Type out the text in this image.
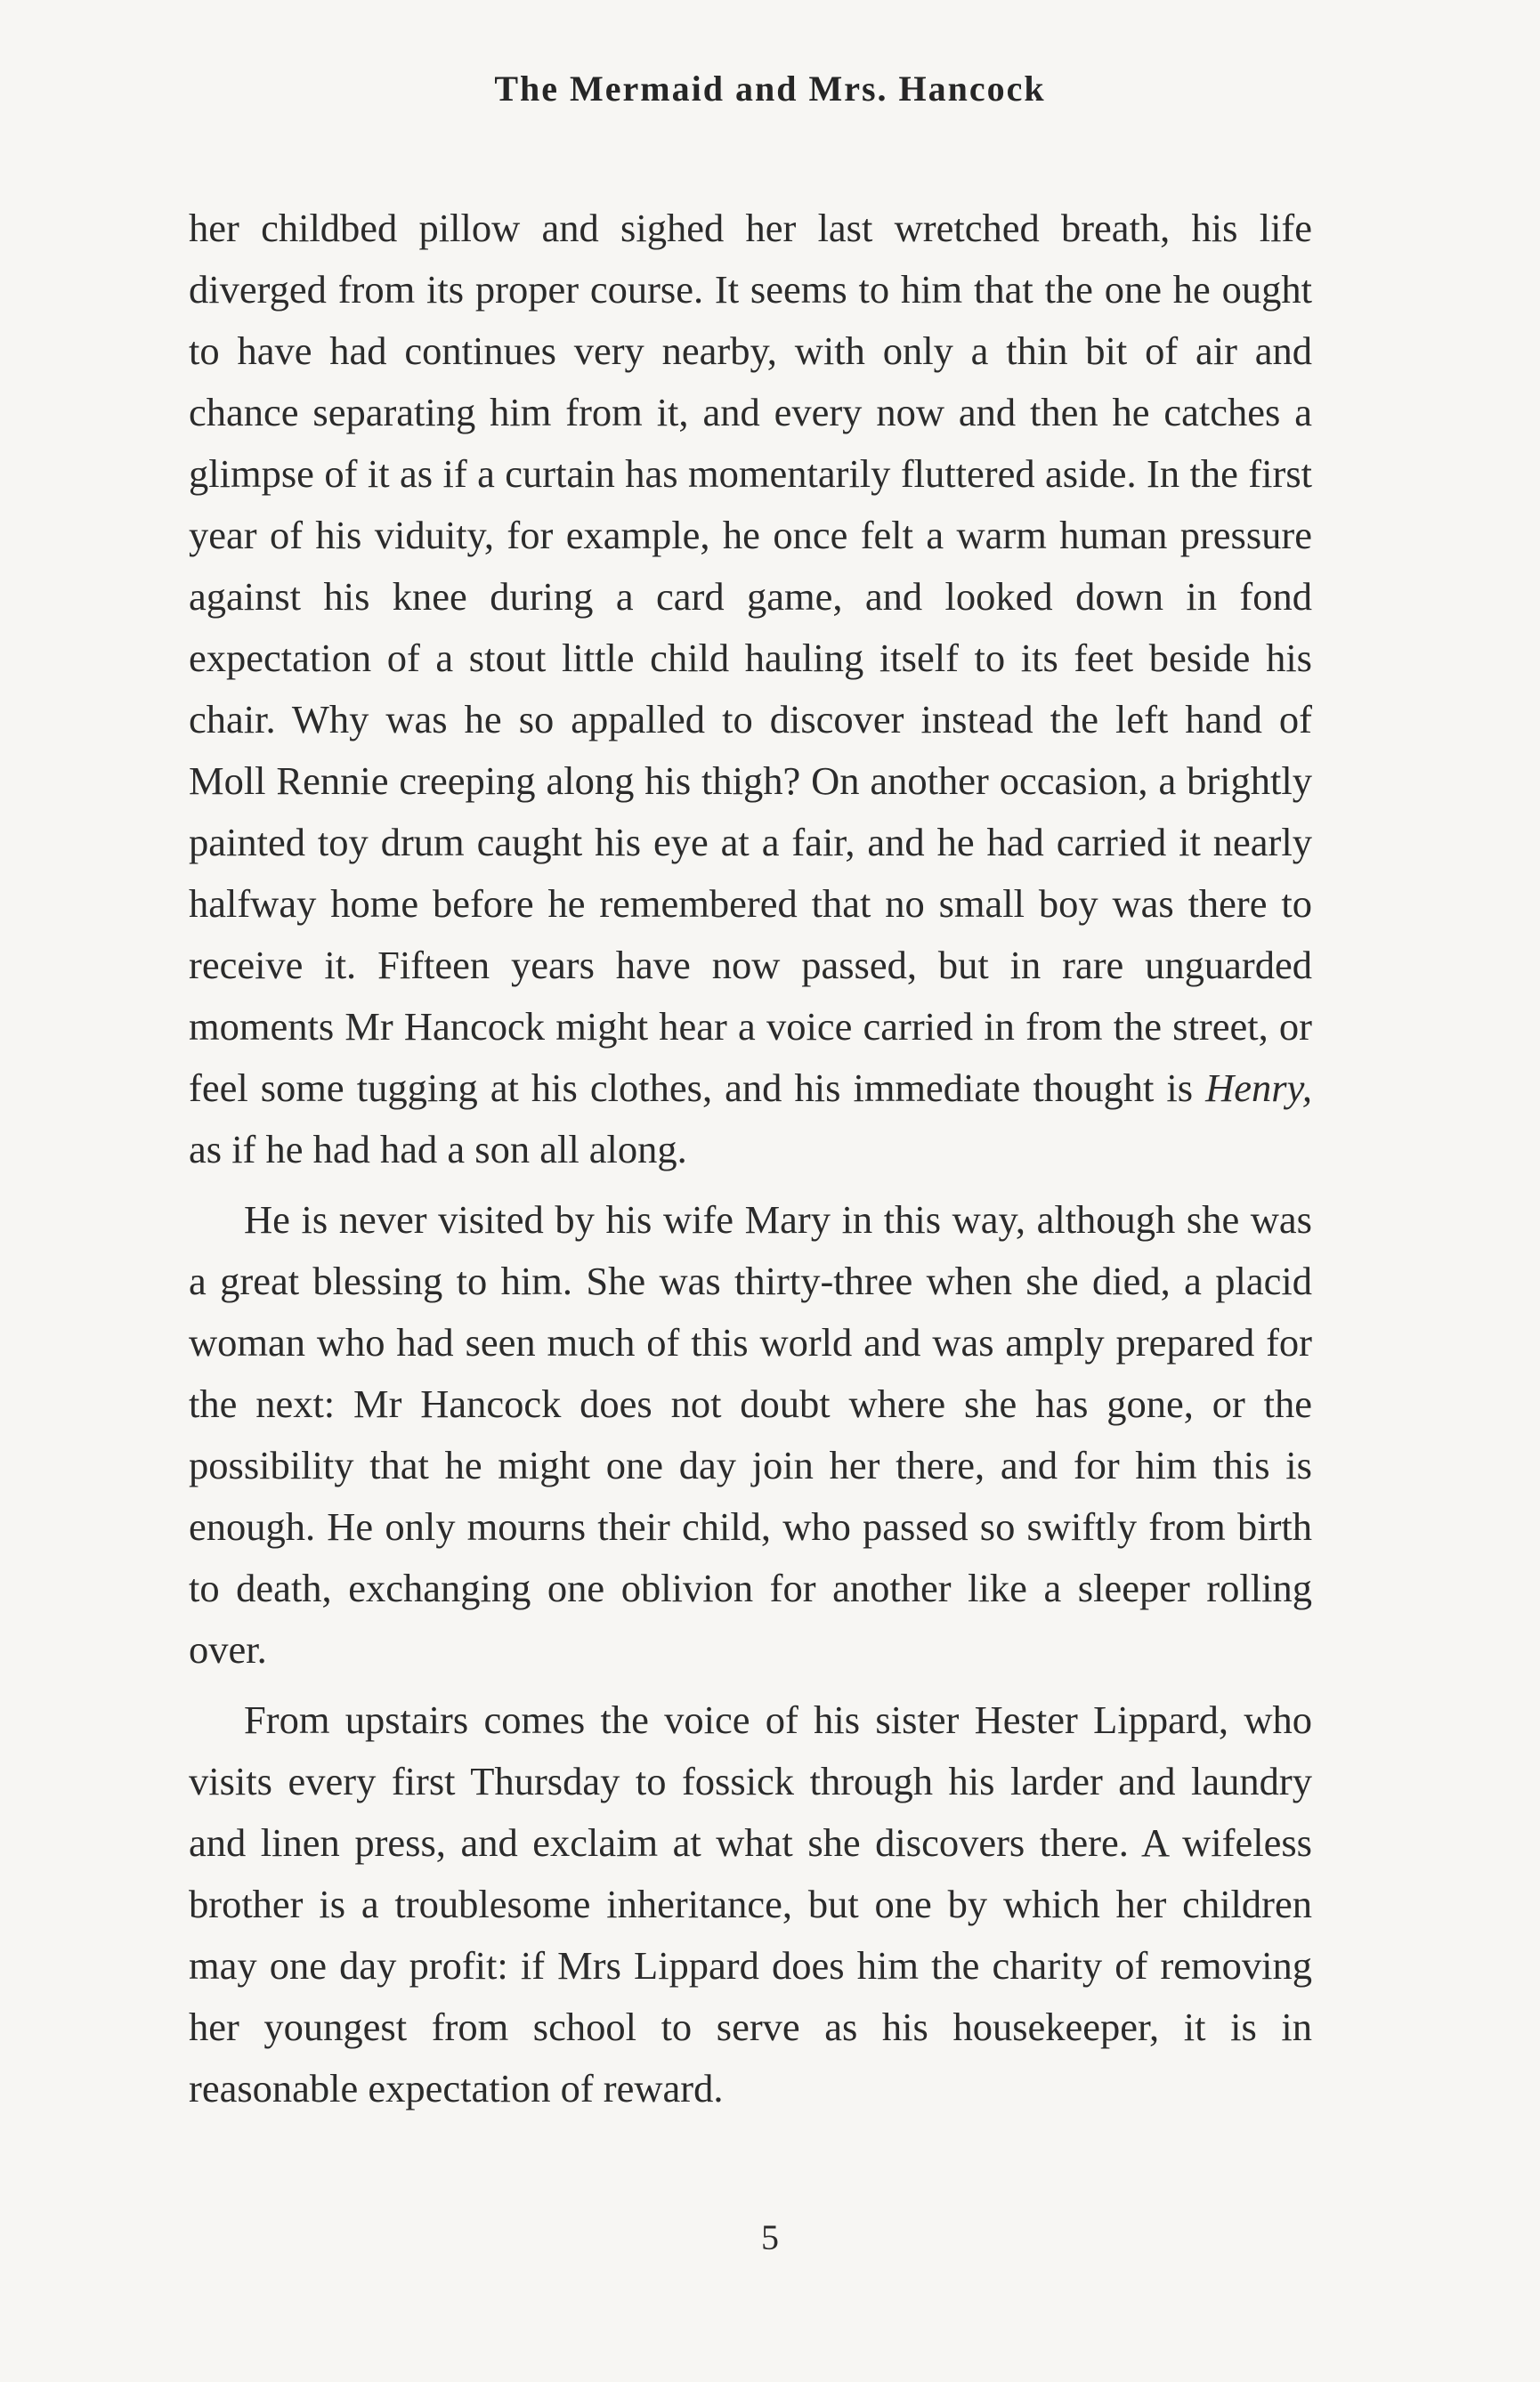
The Mermaid and Mrs. Hancock

her childbed pillow and sighed her last wretched breath, his life diverged from its proper course. It seems to him that the one he ought to have had continues very nearby, with only a thin bit of air and chance separating him from it, and every now and then he catches a glimpse of it as if a curtain has momentarily fluttered aside. In the first year of his viduity, for example, he once felt a warm human pressure against his knee during a card game, and looked down in fond expectation of a stout little child hauling itself to its feet beside his chair. Why was he so appalled to discover instead the left hand of Moll Rennie creeping along his thigh? On another occasion, a brightly painted toy drum caught his eye at a fair, and he had carried it nearly halfway home before he remembered that no small boy was there to receive it. Fifteen years have now passed, but in rare unguarded moments Mr Hancock might hear a voice carried in from the street, or feel some tugging at his clothes, and his immediate thought is Henry, as if he had had a son all along.

He is never visited by his wife Mary in this way, although she was a great blessing to him. She was thirty-three when she died, a placid woman who had seen much of this world and was amply prepared for the next: Mr Hancock does not doubt where she has gone, or the possibility that he might one day join her there, and for him this is enough. He only mourns their child, who passed so swiftly from birth to death, exchanging one oblivion for another like a sleeper rolling over.

From upstairs comes the voice of his sister Hester Lippard, who visits every first Thursday to fossick through his larder and laundry and linen press, and exclaim at what she discovers there. A wifeless brother is a troublesome inheritance, but one by which her children may one day profit: if Mrs Lippard does him the charity of removing her youngest from school to serve as his housekeeper, it is in reasonable expectation of reward.

5
